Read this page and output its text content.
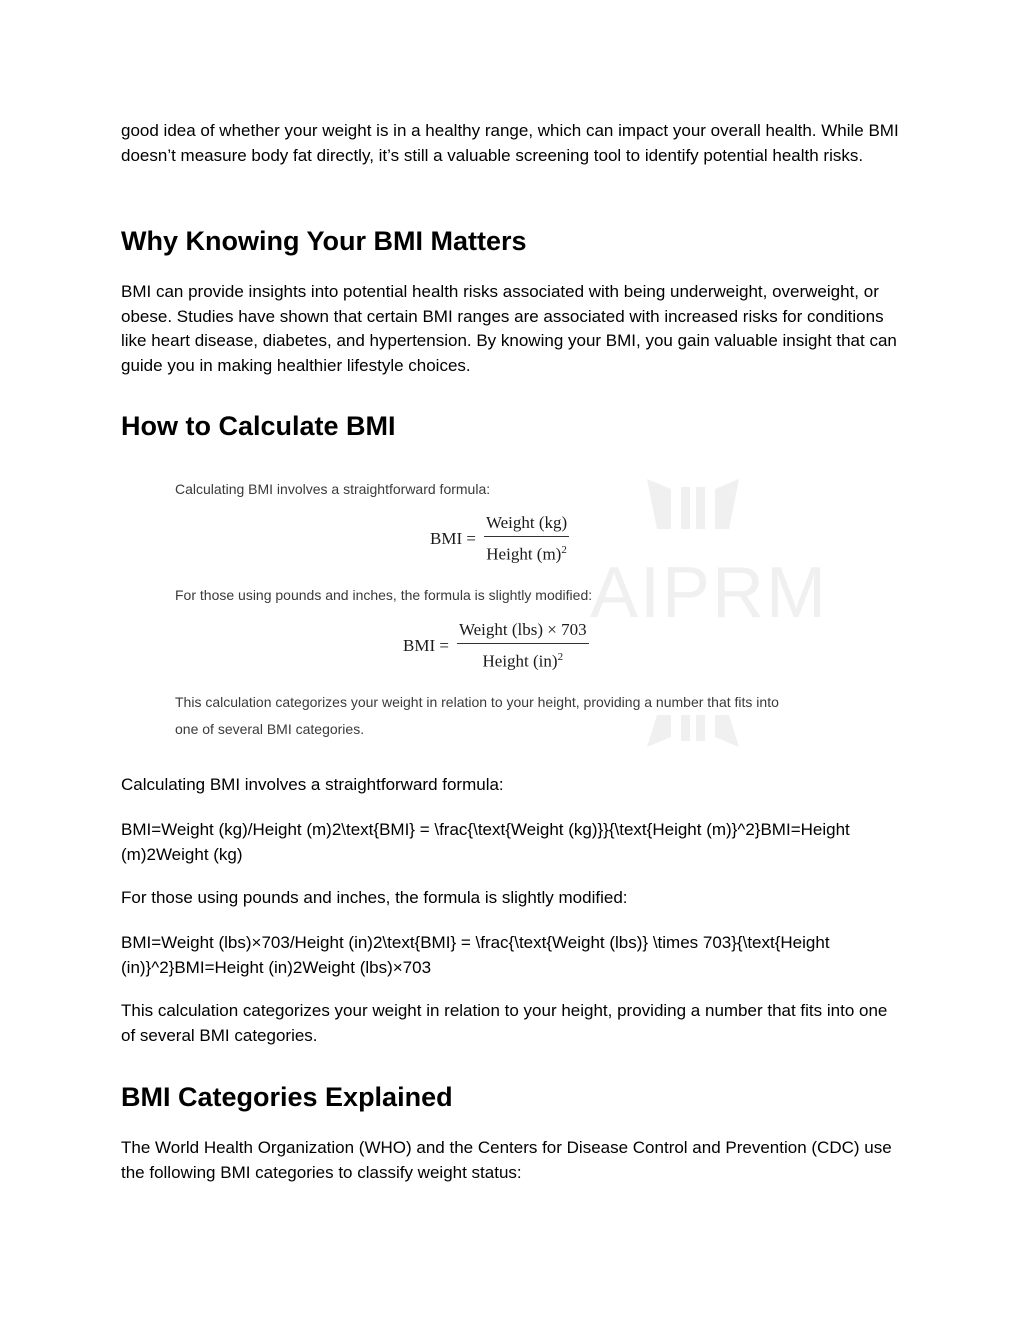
good idea of whether your weight is in a healthy range, which can impact your overall health. While BMI doesn’t measure body fat directly, it’s still a valuable screening tool to identify potential health risks.

Why Knowing Your BMI Matters

BMI can provide insights into potential health risks associated with being underweight, overweight, or obese. Studies have shown that certain BMI ranges are associated with increased risks for conditions like heart disease, diabetes, and hypertension. By knowing your BMI, you gain valuable insight that can guide you in making healthier lifestyle choices.

How to Calculate BMI
AIPRM

Calculating BMI involves a straightforward formula:

BMI = $\frac{\text{Weight (kg)}}{Height (m)^2}$

For those using pounds and inches, the formula is slightly modified:

BMI = $\frac{\text{Weight (lbs) × 703}}{Height (in)^2}$

This calculation categorizes your weight in relation to your height, providing a number that fits into

one of several BMI categories.

Calculating BMI involves a straightforward formula:

BMI=Weight (kg)/Height (m)2\text{BMI} = \frac{\text{Weight (kg)}}{\text{Height (m)}^2}BMI=Height (m)2Weight (kg)

For those using pounds and inches, the formula is slightly modified:

BMI=Weight (lbs)×703/Height (in)2\text{BMI} = \frac{\text{Weight (lbs)} \times 703}{\text{Height (in)}^2}BMI=Height (in)2Weight (lbs)×703

This calculation categorizes your weight in relation to your height, providing a number that fits into one of several BMI categories.

BMI Categories Explained

The World Health Organization (WHO) and the Centers for Disease Control and Prevention (CDC) use the following BMI categories to classify weight status:
